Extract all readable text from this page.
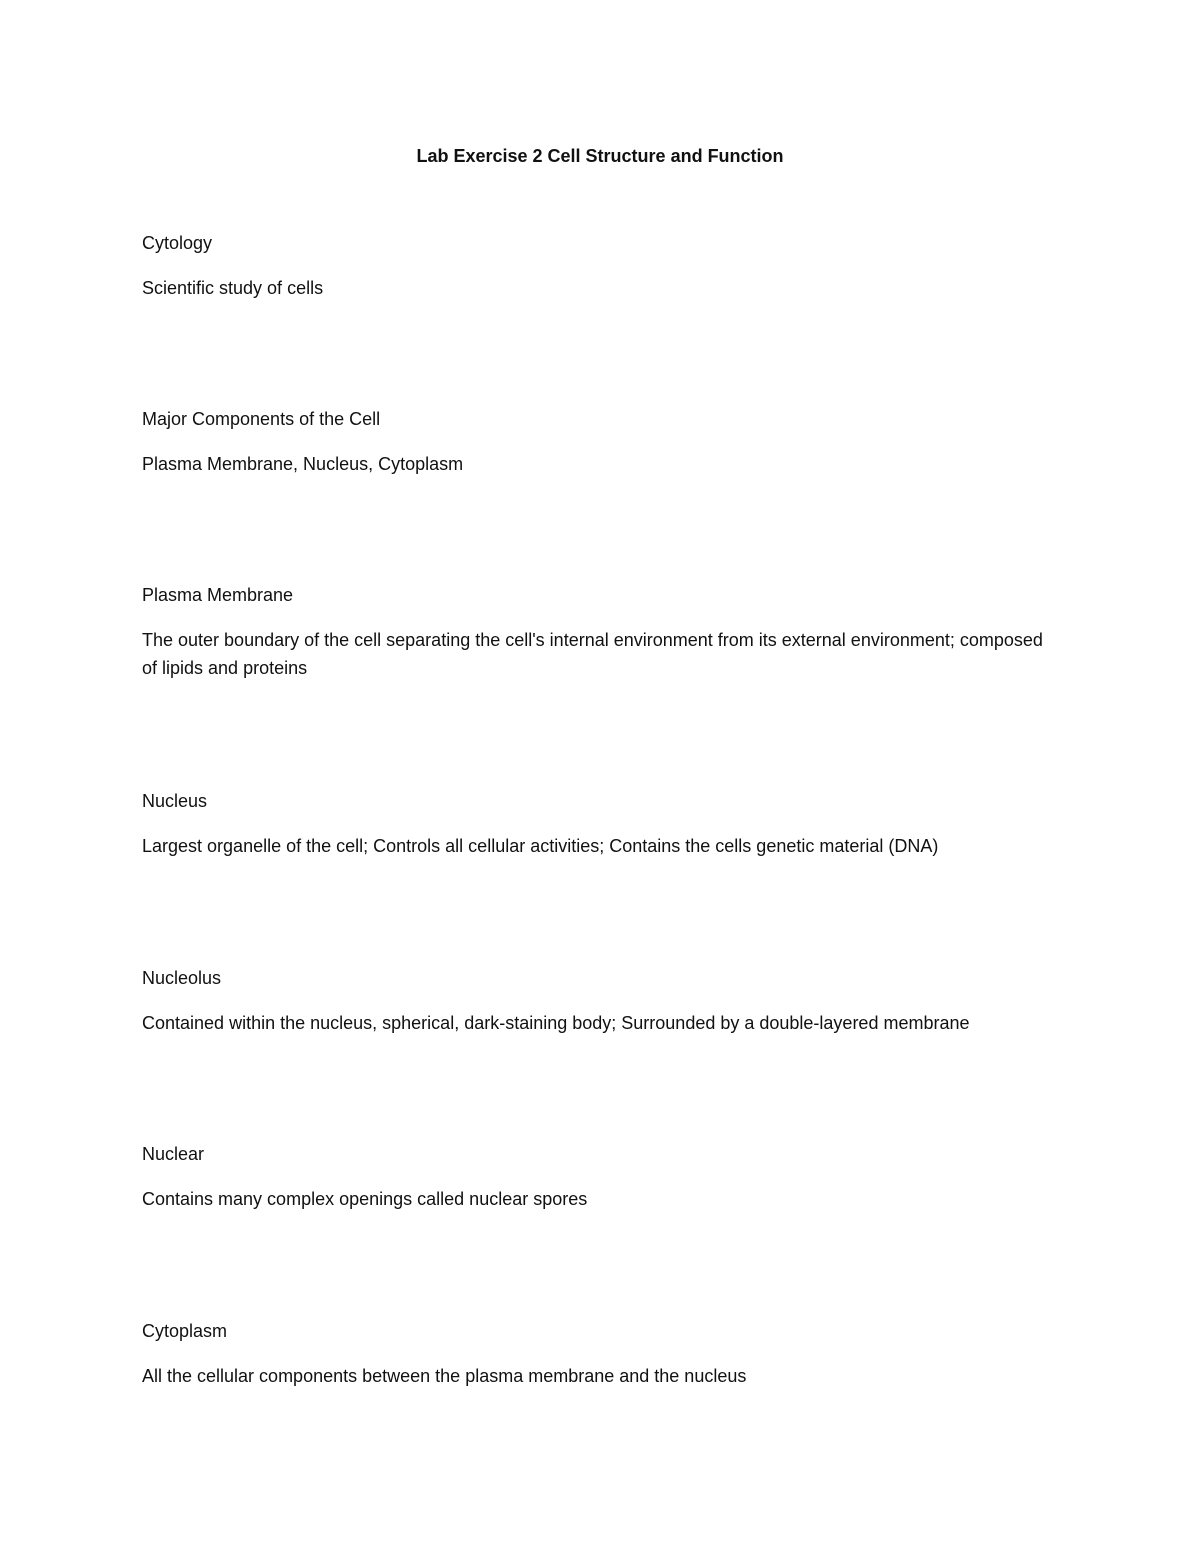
Lab Exercise 2 Cell Structure and Function

Cytology

Scientific study of cells

Major Components of the Cell

Plasma Membrane, Nucleus, Cytoplasm

Plasma Membrane

The outer boundary of the cell separating the cell's internal environment from its external environment; composed of lipids and proteins

Nucleus

Largest organelle of the cell; Controls all cellular activities; Contains the cells genetic material (DNA)

Nucleolus

Contained within the nucleus, spherical, dark-staining body; Surrounded by a double-layered membrane

Nuclear

Contains many complex openings called nuclear spores

Cytoplasm

All the cellular components between the plasma membrane and the nucleus
